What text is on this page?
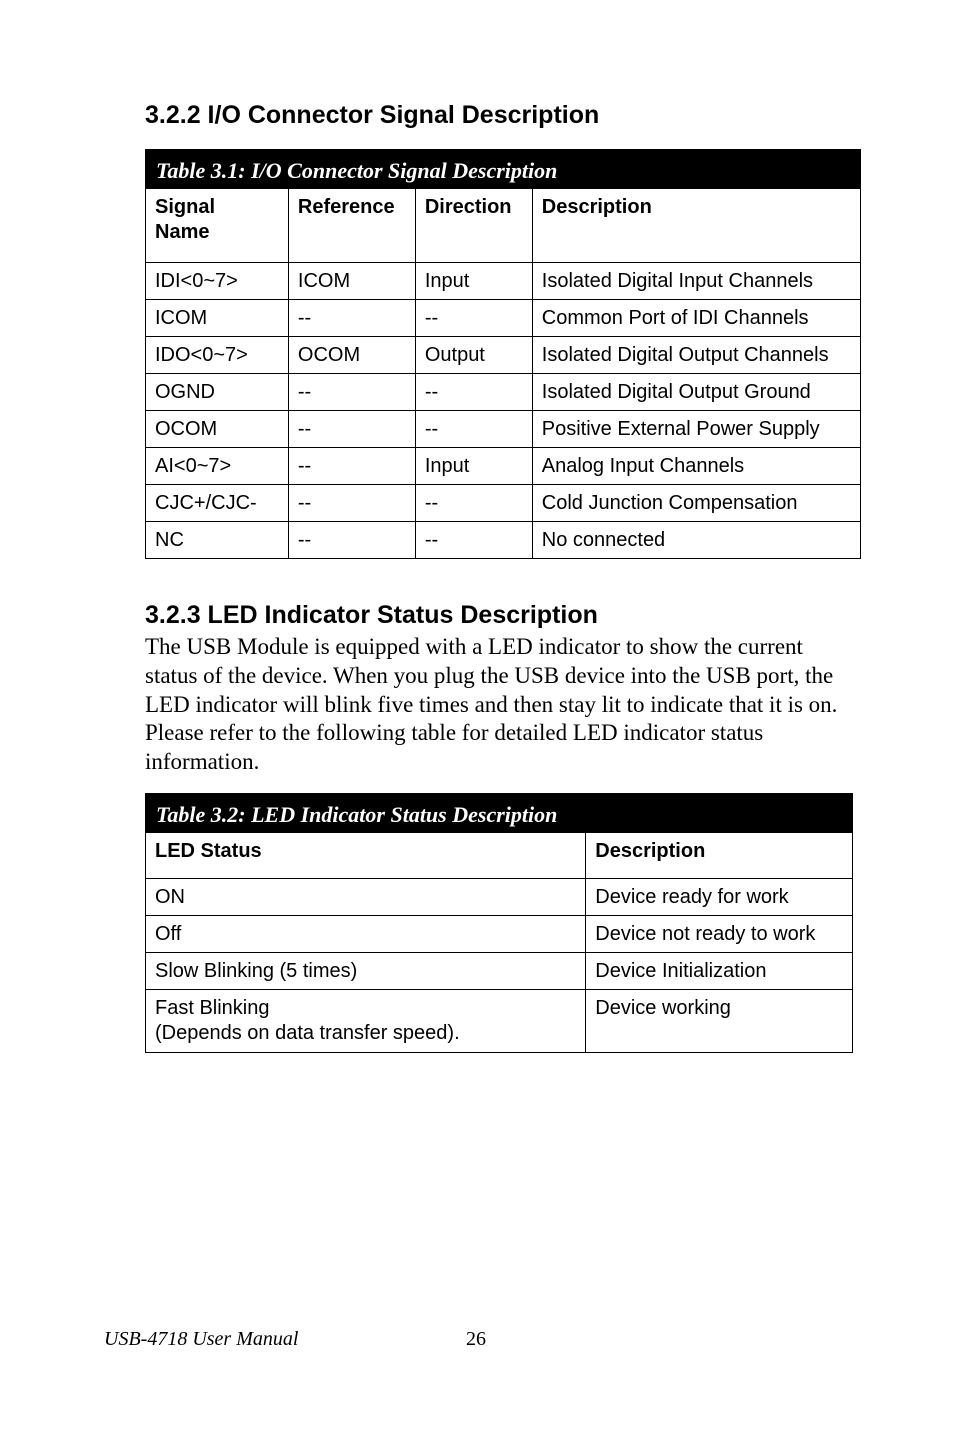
3.2.2 I/O Connector Signal Description
Table 3.1: I/O Connector Signal Description			
Signal
Name	Reference	Direction	Description
IDI<0~7>	ICOM	Input	Isolated Digital Input Channels
ICOM	--	--	Common Port of IDI Channels
IDO<0~7>	OCOM	Output	Isolated Digital Output Channels
OGND	--	--	Isolated Digital Output Ground
OCOM	--	--	Positive External Power Supply
AI<0~7>	--	Input	Analog Input Channels
CJC+/CJC-	--	--	Cold Junction Compensation
NC	--	--	No connected
3.2.3 LED Indicator Status Description

The USB Module is equipped with a LED indicator to show the current status of the device. When you plug the USB device into the USB port, the LED indicator will blink five times and then stay lit to indicate that it is on. Please refer to the following table for detailed LED indicator status information.

Table 3.2: LED Indicator Status Description	
LED Status	Description
ON	Device ready for work
Off	Device not ready to work
Slow Blinking (5 times)	Device Initialization
Fast Blinking
(Depends on data transfer speed).	Device working

USB-4718 User Manual	26
